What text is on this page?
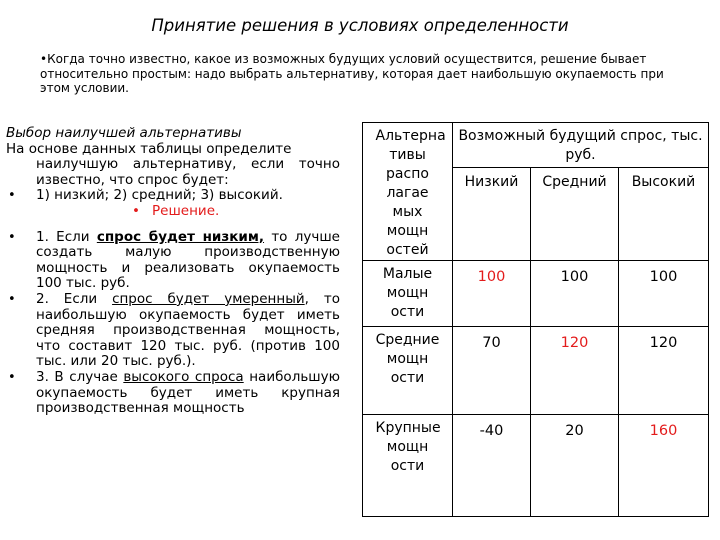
Принятие решения в условиях определенности
•Когда точно известно, какое из возможных будущих условий осуществится, решение бывает относительно простым: надо выбрать альтернативу, которая дает наибольшую окупаемость при этом условии.

Выбор наилучшей альтернативы

На основе данных таблицы определите

наилучшую альтернативу, если точно известно, что спрос будет:

• 1) низкий; 2) средний; 3) высокий.
• Решение.
• 1. Если спрос будет низким, то лучше создать малую производственную мощность и реализовать окупаемость 100 тыс. руб.
• 2. Если спрос будет умеренный, то наибольшую окупаемость будет иметь средняя производственная мощность, что составит 120 тыс. руб. (против 100 тыс. или 20 тыс. руб.).
• 3. В случае высокого спроса наибольшую окупаемость будет иметь крупная производственная мощность
Альтерна тивы распо лагае мых мощн остей	Возможный будущий спрос, тыс. руб.		
	Низкий	Средний	Высокий

Малые мощн ости	100	100	100

Средние мощн ости	70	120	120

Крупные мощн ости	-40	20	160
